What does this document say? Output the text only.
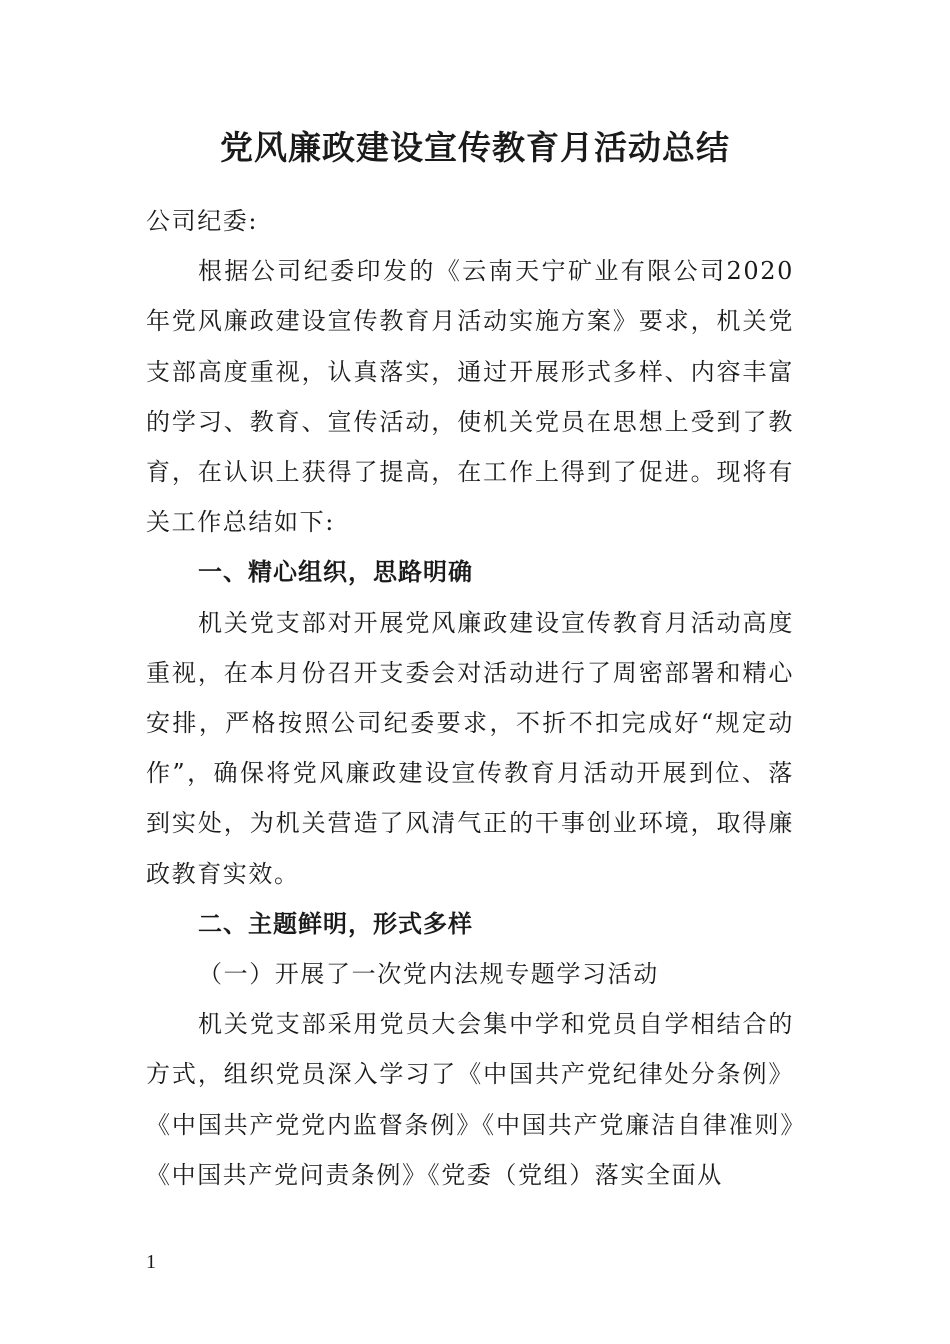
党风廉政建设宣传教育月活动总结

公司纪委:

根据公司纪委印发的《云南天宁矿业有限公司2020年党风廉政建设宣传教育月活动实施方案》要求，机关党支部高度重视，认真落实，通过开展形式多样、内容丰富的学习、教育、宣传活动，使机关党员在思想上受到了教育，在认识上获得了提高，在工作上得到了促进。现将有关工作总结如下:

一、精心组织，思路明确

机关党支部对开展党风廉政建设宣传教育月活动高度重视，在本月份召开支委会对活动进行了周密部署和精心安排，严格按照公司纪委要求，不折不扣完成好“规定动作”，确保将党风廉政建设宣传教育月活动开展到位、落到实处，为机关营造了风清气正的干事创业环境，取得廉政教育实效。

二、主题鲜明，形式多样

（一）开展了一次党内法规专题学习活动

机关党支部采用党员大会集中学和党员自学相结合的方式，组织党员深入学习了《中国共产党纪律处分条例》《中国共产党党内监督条例》《中国共产党廉洁自律准则》《中国共产党问责条例》《党委（党组）落实全面从

1
